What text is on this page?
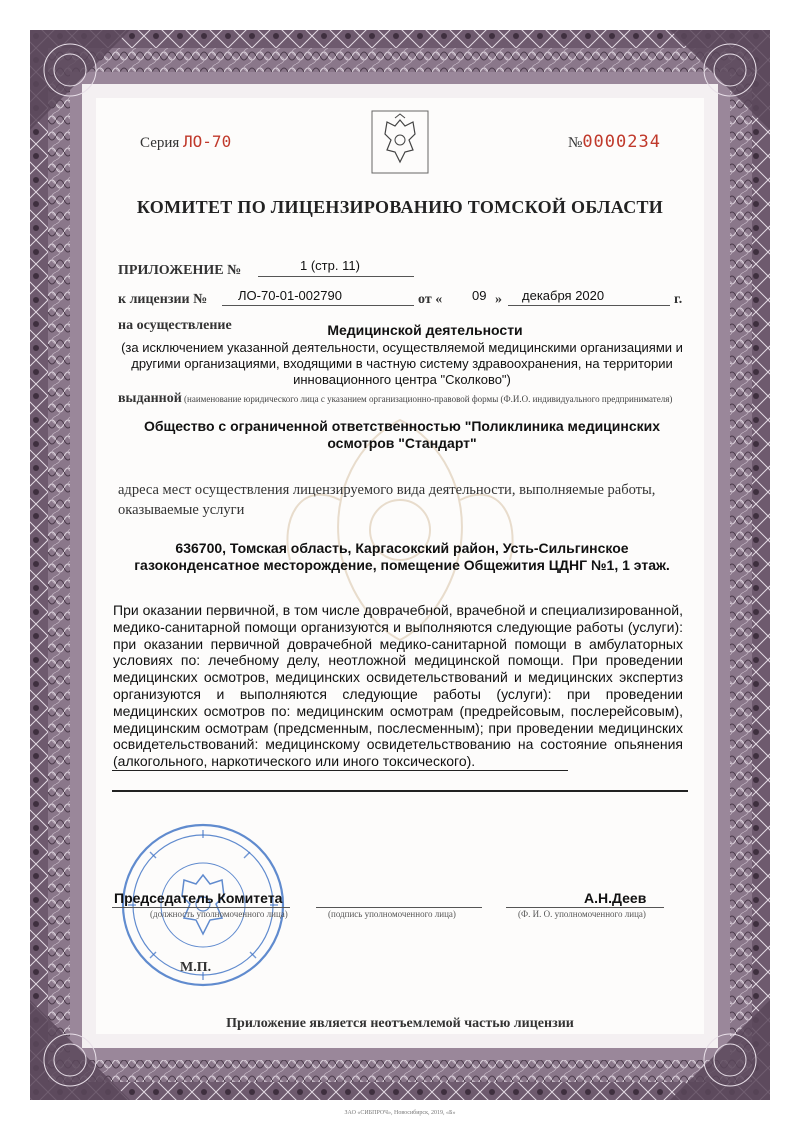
Серия ЛО-70	№0000234
КОМИТЕТ ПО ЛИЦЕНЗИРОВАНИЮ ТОМСКОЙ ОБЛАСТИ
ПРИЛОЖЕНИЕ №	1 (стр. 11)
к лицензии № ЛО-70-01-002790	от « 09 » декабря 2020	г.
на осуществление	Медицинской деятельности
(за исключением указанной деятельности, осуществляемой медицинскими организациями и другими организациями, входящими в частную систему здравоохранения, на территории инновационного центра "Сколково")
выданной (наименование юридического лица с указанием организационно-правовой формы (Ф.И.О. индивидуального предпринимателя)
Общество с ограниченной ответственностью "Поликлиника медицинских осмотров "Стандарт"
адреса мест осуществления лицензируемого вида деятельности, выполняемые работы, оказываемые услуги
636700, Томская область, Каргасокский район, Усть-Сильгинское газоконденсатное месторождение, помещение Общежития ЦДНГ №1, 1 этаж.
При оказании первичной, в том числе доврачебной, врачебной и специализированной, медико-санитарной помощи организуются и выполняются следующие работы (услуги): при оказании первичной доврачебной медико-санитарной помощи в амбулаторных условиях по: лечебному делу, неотложной медицинской помощи. При проведении медицинских осмотров, медицинских освидетельствований и медицинских экспертиз организуются и выполняются следующие работы (услуги): при проведении медицинских осмотров по: медицинским осмотрам (предрейсовым, послерейсовым), медицинским осмотрам (предсменным, послесменным); при проведении медицинских освидетельствований: медицинскому освидетельствованию на состояние опьянения (алкогольного, наркотического или иного токсического).
Председатель Комитета
(должность уполномоченного лица)	(подпись уполномоченного лица)
А.Н.Деев
(Ф. И. О. уполномоченного лица)
М.П.
Приложение является неотъемлемой частью лицензии
ЗАО «СИБПРОЧ», Новосибирск, 2019, «Б»
